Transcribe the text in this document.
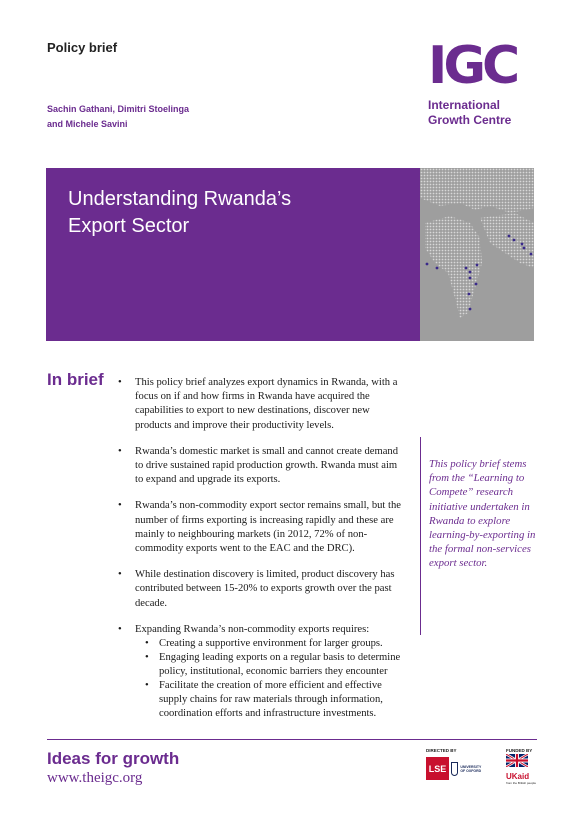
Policy brief
Sachin Gathani, Dimitri Stoelinga
and Michele Savini
IGC
International
Growth Centre
Understanding Rwanda’s
Export Sector
In brief
•	This policy brief analyzes export dynamics in Rwanda, with a focus on if and how firms in Rwanda have acquired the capabilities to export to new destinations, discover new products and improve their productivity levels.
• Rwanda’s domestic market is small and cannot create demand to drive sustained rapid production growth. Rwanda must aim to expand and upgrade its exports.
• Rwanda’s non-commodity export sector remains small, but the number of firms exporting is increasing rapidly and these are mainly to neighbouring markets (in 2012, 72% of non-commodity exports went to the EAC and the DRC).
• While destination discovery is limited, product discovery has contributed between 15-20% to exports growth over the past decade.
• Expanding Rwanda’s non-commodity exports requires:
• Creating a supportive environment for larger groups.
• Engaging leading exports on a regular basis to determine policy, institutional, economic barriers they encounter
• Facilitate the creation of more efficient and effective supply chains for raw materials through information, coordination efforts and infrastructure investments.
This policy brief stems from the “Learning to Compete” research initiative undertaken in Rwanda to explore learning-by-exporting in the formal non-services export sector.
Ideas for growth
www.theigc.org
DIRECTED BY
LSE	UNIVERSITY OF OXFORD
FUNDED BY
UKaid
from the British people
